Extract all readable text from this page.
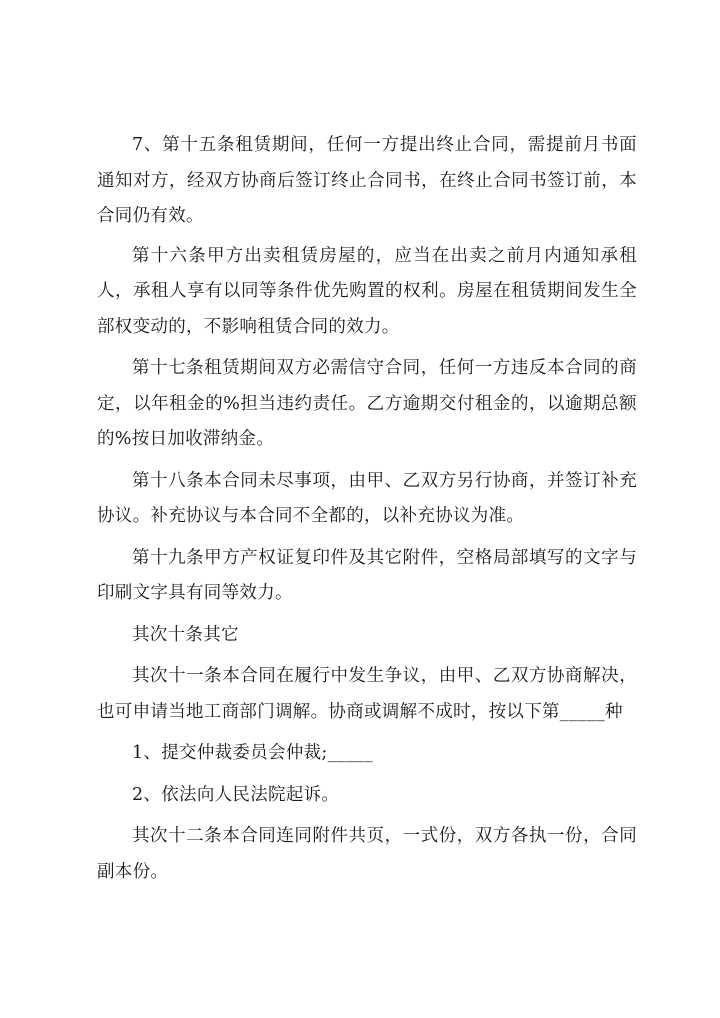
7、第十五条租赁期间，任何一方提出终止合同，需提前月书面通知对方，经双方协商后签订终止合同书，在终止合同书签订前，本合同仍有效。

第十六条甲方出卖租赁房屋的，应当在出卖之前月内通知承租人，承租人享有以同等条件优先购置的权利。房屋在租赁期间发生全部权变动的，不影响租赁合同的效力。

第十七条租赁期间双方必需信守合同，任何一方违反本合同的商定，以年租金的%担当违约责任。乙方逾期交付租金的，以逾期总额的%按日加收滞纳金。

第十八条本合同未尽事项，由甲、乙双方另行协商，并签订补充协议。补充协议与本合同不全都的，以补充协议为准。

第十九条甲方产权证复印件及其它附件，空格局部填写的文字与印刷文字具有同等效力。

其次十条其它

其次十一条本合同在履行中发生争议，由甲、乙双方协商解决，也可申请当地工商部门调解。协商或调解不成时，按以下第_____种

1、提交仲裁委员会仲裁;_____

2、依法向人民法院起诉。

其次十二条本合同连同附件共页，一式份，双方各执一份，合同副本份。
